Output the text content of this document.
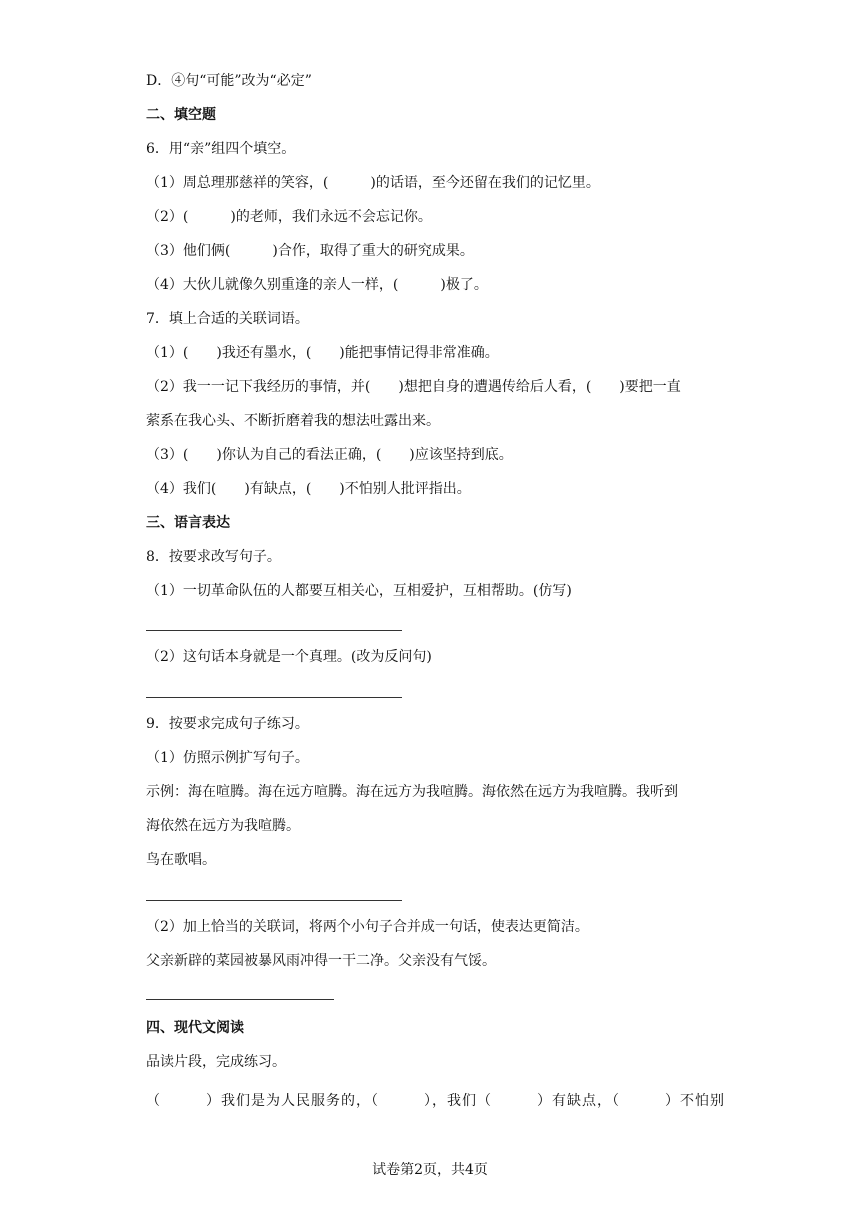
D．④句“可能”改为“必定”
二、填空题
6．用“亲”组四个填空。
（1）周总理那慈祥的笑容，(　　　)的话语，至今还留在我们的记忆里。
（2）(　　　)的老师，我们永远不会忘记你。
（3）他们俩(　　　)合作，取得了重大的研究成果。
（4）大伙儿就像久别重逢的亲人一样，(　　　)极了。
7．填上合适的关联词语。
（1）(　　)我还有墨水，(　　)能把事情记得非常准确。
（2）我一一记下我经历的事情，并(　　)想把自身的遭遇传给后人看，(　　)要把一直
萦系在我心头、不断折磨着我的想法吐露出来。
（3）(　　)你认为自己的看法正确，(　　)应该坚持到底。
（4）我们(　　)有缺点，(　　)不怕别人批评指出。
三、语言表达
8．按要求改写句子。
（1）一切革命队伍的人都要互相关心，互相爱护，互相帮助。(仿写)
（2）这句话本身就是一个真理。(改为反问句)
9．按要求完成句子练习。
（1）仿照示例扩写句子。
示例：海在喧腾。海在远方喧腾。海在远方为我喧腾。海依然在远方为我喧腾。我听到
海依然在远方为我喧腾。
鸟在歌唱。
（2）加上恰当的关联词，将两个小句子合并成一句话，使表达更简洁。
父亲新辟的菜园被暴风雨冲得一干二净。父亲没有气馁。
四、现代文阅读
品读片段，完成练习。
（　　　）我们是为人民服务的，（　　　），我们（　　　）有缺点，（　　　）不怕别
试卷第2页，共4页
